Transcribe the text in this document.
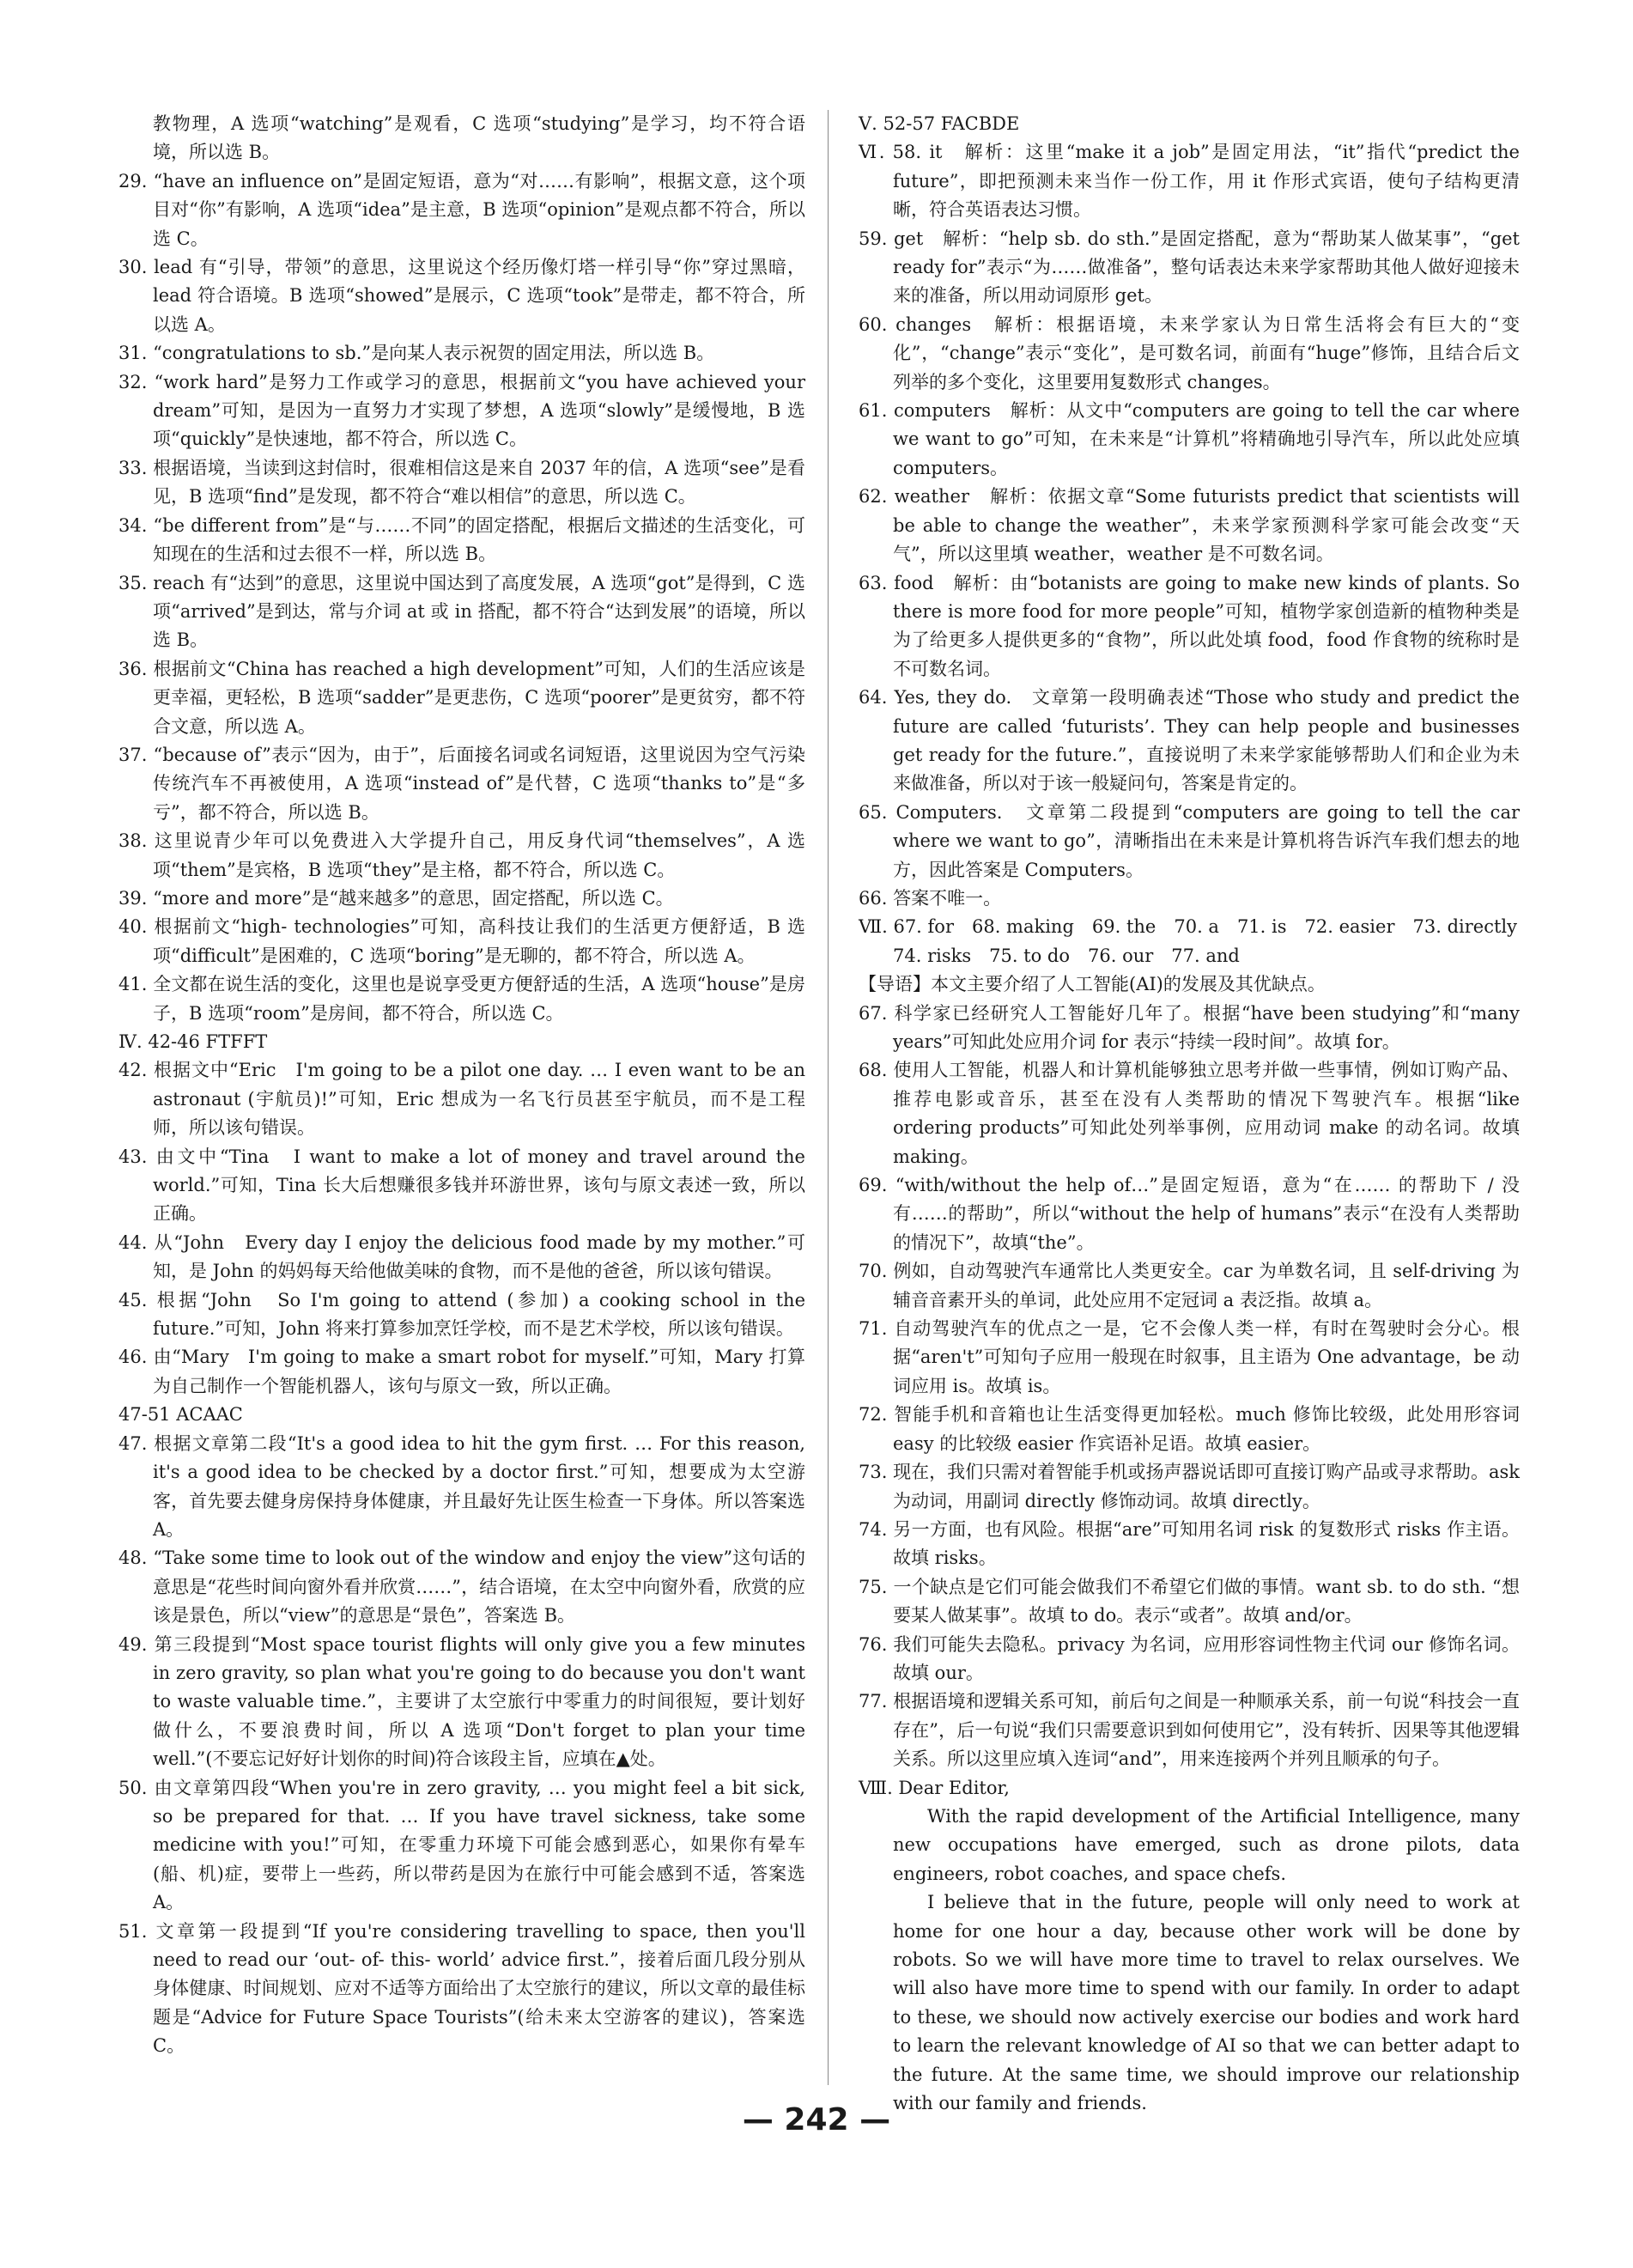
教物理，A 选项“watching”是观看，C 选项“studying”是学习，均不符合语境，所以选 B。

29. “have an influence on”是固定短语，意为“对……有影响”，根据文意，这个项目对“你”有影响，A 选项“idea”是主意，B 选项“opinion”是观点都不符合，所以选 C。

30. lead 有“引导，带领”的意思，这里说这个经历像灯塔一样引导“你”穿过黑暗，lead 符合语境。B 选项“showed”是展示，C 选项“took”是带走，都不符合，所以选 A。

31. “congratulations to sb.”是向某人表示祝贺的固定用法，所以选 B。

32. “work hard”是努力工作或学习的意思，根据前文“you have achieved your dream”可知，是因为一直努力才实现了梦想，A 选项“slowly”是缓慢地，B 选项“quickly”是快速地，都不符合，所以选 C。

33. 根据语境，当读到这封信时，很难相信这是来自 2037 年的信，A 选项“see”是看见，B 选项“find”是发现，都不符合“难以相信”的意思，所以选 C。

34. “be different from”是“与……不同”的固定搭配，根据后文描述的生活变化，可知现在的生活和过去很不一样，所以选 B。

35. reach 有“达到”的意思，这里说中国达到了高度发展，A 选项“got”是得到，C 选项“arrived”是到达，常与介词 at 或 in 搭配，都不符合“达到发展”的语境，所以选 B。

36. 根据前文“China has reached a high development”可知，人们的生活应该是更幸福，更轻松，B 选项“sadder”是更悲伤，C 选项“poorer”是更贫穷，都不符合文意，所以选 A。

37. “because of”表示“因为，由于”，后面接名词或名词短语，这里说因为空气污染传统汽车不再被使用，A 选项“instead of”是代替，C 选项“thanks to”是“多亏”，都不符合，所以选 B。

38. 这里说青少年可以免费进入大学提升自己，用反身代词“themselves”，A 选项“them”是宾格，B 选项“they”是主格，都不符合，所以选 C。

39. “more and more”是“越来越多”的意思，固定搭配，所以选 C。

40. 根据前文“high- technologies”可知，高科技让我们的生活更方便舒适，B 选项“difficult”是困难的，C 选项“boring”是无聊的，都不符合，所以选 A。

41. 全文都在说生活的变化，这里也是说享受更方便舒适的生活，A 选项“house”是房子，B 选项“room”是房间，都不符合，所以选 C。

Ⅳ. 42-46 FTFFT

42. 根据文中“Eric　I'm going to be a pilot one day. … I even want to be an astronaut (宇航员)!”可知，Eric 想成为一名飞行员甚至宇航员，而不是工程师，所以该句错误。

43. 由文中“Tina　I want to make a lot of money and travel around the world.”可知，Tina 长大后想赚很多钱并环游世界，该句与原文表述一致，所以正确。

44. 从“John　Every day I enjoy the delicious food made by my mother.”可知，是 John 的妈妈每天给他做美味的食物，而不是他的爸爸，所以该句错误。

45. 根据“John　So I'm going to attend (参加) a cooking school in the future.”可知，John 将来打算参加烹饪学校，而不是艺术学校，所以该句错误。

46. 由“Mary　I'm going to make a smart robot for myself.”可知，Mary 打算为自己制作一个智能机器人，该句与原文一致，所以正确。

47-51 ACAAC

47. 根据文章第二段“It's a good idea to hit the gym first. … For this reason, it's a good idea to be checked by a doctor first.”可知，想要成为太空游客，首先要去健身房保持身体健康，并且最好先让医生检查一下身体。所以答案选 A。

48. “Take some time to look out of the window and enjoy the view”这句话的意思是“花些时间向窗外看并欣赏……”，结合语境，在太空中向窗外看，欣赏的应该是景色，所以“view”的意思是“景色”，答案选 B。

49. 第三段提到“Most space tourist flights will only give you a few minutes in zero gravity, so plan what you're going to do because you don't want to waste valuable time.”，主要讲了太空旅行中零重力的时间很短，要计划好做什么，不要浪费时间，所以 A 选项“Don't forget to plan your time well.”(不要忘记好好计划你的时间)符合该段主旨，应填在▲处。

50. 由文章第四段“When you're in zero gravity, … you might feel a bit sick, so be prepared for that. … If you have travel sickness, take some medicine with you!”可知，在零重力环境下可能会感到恶心，如果你有晕车(船、机)症，要带上一些药，所以带药是因为在旅行中可能会感到不适，答案选 A。

51. 文章第一段提到“If you're considering travelling to space, then you'll need to read our ‘out- of- this- world’ advice first.”，接着后面几段分别从身体健康、时间规划、应对不适等方面给出了太空旅行的建议，所以文章的最佳标题是“Advice for Future Space Tourists”(给未来太空游客的建议)，答案选 C。

Ⅴ. 52-57 FACBDE

Ⅵ. 58. it　解析：这里“make it a job”是固定用法，“it”指代“predict the future”，即把预测未来当作一份工作，用 it 作形式宾语，使句子结构更清晰，符合英语表达习惯。

59. get　解析：“help sb. do sth.”是固定搭配，意为“帮助某人做某事”，“get ready for”表示“为……做准备”，整句话表达未来学家帮助其他人做好迎接未来的准备，所以用动词原形 get。

60. changes　解析：根据语境，未来学家认为日常生活将会有巨大的“变化”，“change”表示“变化”，是可数名词，前面有“huge”修饰，且结合后文列举的多个变化，这里要用复数形式 changes。

61. computers　解析：从文中“computers are going to tell the car where we want to go”可知，在未来是“计算机”将精确地引导汽车，所以此处应填 computers。

62. weather　解析：依据文章“Some futurists predict that scientists will be able to change the weather”，未来学家预测科学家可能会改变“天气”，所以这里填 weather，weather 是不可数名词。

63. food　解析：由“botanists are going to make new kinds of plants. So there is more food for more people”可知，植物学家创造新的植物种类是为了给更多人提供更多的“食物”，所以此处填 food，food 作食物的统称时是不可数名词。

64. Yes, they do.　文章第一段明确表述“Those who study and predict the future are called ‘futurists’. They can help people and businesses get ready for the future.”，直接说明了未来学家能够帮助人们和企业为未来做准备，所以对于该一般疑问句，答案是肯定的。

65. Computers.　文章第二段提到“computers are going to tell the car where we want to go”，清晰指出在未来是计算机将告诉汽车我们想去的地方，因此答案是 Computers。

66. 答案不唯一。

Ⅶ. 67. for　68. making　69. the　70. a　71. is　72. easier　73. directly

74. risks　75. to do　76. our　77. and

【导语】本文主要介绍了人工智能(AI)的发展及其优缺点。

67. 科学家已经研究人工智能好几年了。根据“have been studying”和“many years”可知此处应用介词 for 表示“持续一段时间”。故填 for。

68. 使用人工智能，机器人和计算机能够独立思考并做一些事情，例如订购产品、推荐电影或音乐，甚至在没有人类帮助的情况下驾驶汽车。根据“like ordering products”可知此处列举事例，应用动词 make 的动名词。故填 making。

69. “with/without the help of…”是固定短语，意为“在…… 的帮助下 / 没有……的帮助”，所以“without the help of humans”表示“在没有人类帮助的情况下”，故填“the”。

70. 例如，自动驾驶汽车通常比人类更安全。car 为单数名词，且 self-driving 为辅音音素开头的单词，此处应用不定冠词 a 表泛指。故填 a。

71. 自动驾驶汽车的优点之一是，它不会像人类一样，有时在驾驶时会分心。根据“aren't”可知句子应用一般现在时叙事，且主语为 One advantage，be 动词应用 is。故填 is。

72. 智能手机和音箱也让生活变得更加轻松。much 修饰比较级，此处用形容词 easy 的比较级 easier 作宾语补足语。故填 easier。

73. 现在，我们只需对着智能手机或扬声器说话即可直接订购产品或寻求帮助。ask 为动词，用副词 directly 修饰动词。故填 directly。

74. 另一方面，也有风险。根据“are”可知用名词 risk 的复数形式 risks 作主语。故填 risks。

75. 一个缺点是它们可能会做我们不希望它们做的事情。want sb. to do sth. “想要某人做某事”。故填 to do。表示“或者”。故填 and/or。

76. 我们可能失去隐私。privacy 为名词，应用形容词性物主代词 our 修饰名词。故填 our。

77. 根据语境和逻辑关系可知，前后句之间是一种顺承关系，前一句说“科技会一直存在”，后一句说“我们只需要意识到如何使用它”，没有转折、因果等其他逻辑关系。所以这里应填入连词“and”，用来连接两个并列且顺承的句子。

Ⅷ. Dear Editor,

With the rapid development of the Artificial Intelligence, many new occupations have emerged, such as drone pilots, data engineers, robot coaches, and space chefs.

I believe that in the future, people will only need to work at home for one hour a day, because other work will be done by robots. So we will have more time to travel to relax ourselves. We will also have more time to spend with our family. In order to adapt to these, we should now actively exercise our bodies and work hard to learn the relevant knowledge of AI so that we can better adapt to the future. At the same time, we should improve our relationship with our family and friends.

— 242 —
